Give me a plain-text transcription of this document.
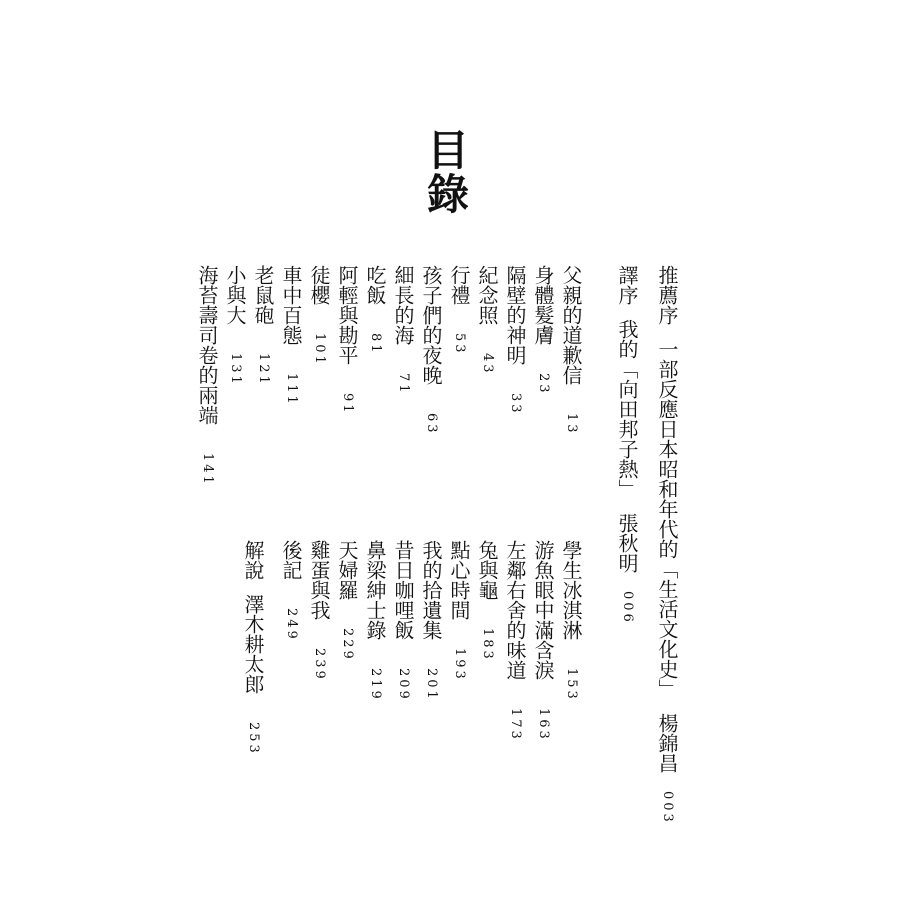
目錄
推薦序一部反應日本昭和年代的「生活文化史」楊錦昌003
譯序我的「向田邦子熱」張秋明006
父親的道歉信13
身體髮膚23
隔壁的神明33
紀念照43
行禮53
孩子們的夜晚63
細長的海71
吃飯81
阿輕與勘平91
徒櫻101
車中百態111
老鼠砲121
小與大131
海苔壽司卷的兩端141
學生冰淇淋153
游魚眼中滿含淚163
左鄰右舍的味道173
兔與龜183
點心時間193
我的拾遺集201
昔日咖哩飯209
鼻梁紳士錄219
天婦羅229
雞蛋與我239
後記249
解說澤木耕太郎253
